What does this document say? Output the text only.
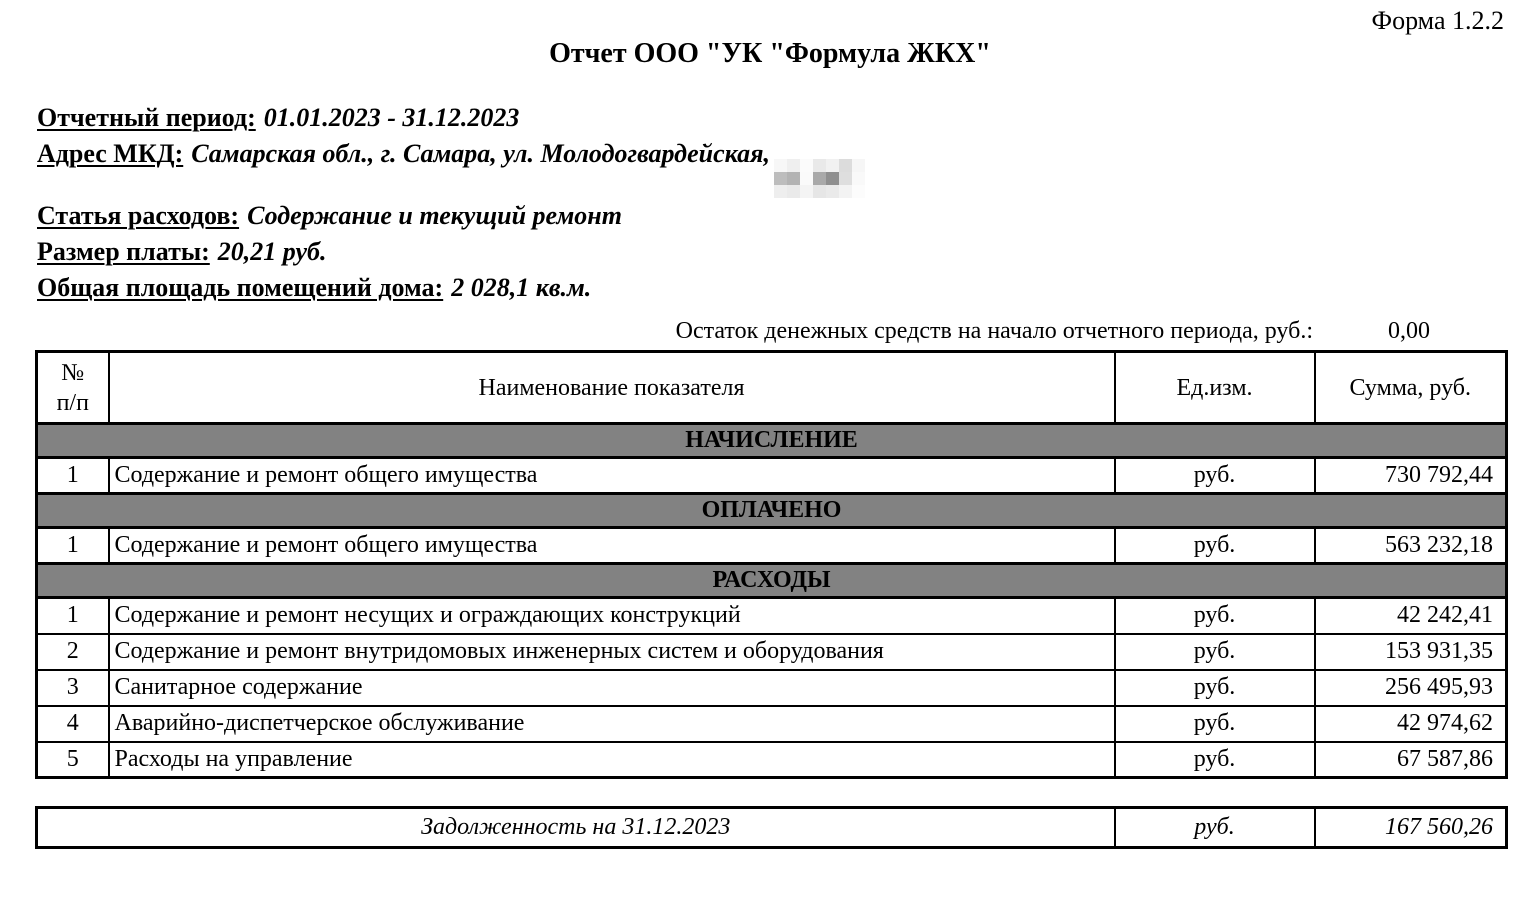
Форма 1.2.2
Отчет ООО "УК "Формула ЖКХ"
Отчетный период: 01.01.2023 - 31.12.2023
Адрес МКД: Самарская обл., г. Самара, ул. Молодогвардейская,
Статья расходов: Содержание и текущий ремонт
Размер платы: 20,21 руб.
Общая площадь помещений дома: 2 028,1 кв.м.
Остаток денежных средств на начало отчетного периода, руб.:	0,00
№
п/п	Наименование показателя	Ед.изм.	Сумма, руб.
НАЧИСЛЕНИЕ			
1	Содержание и ремонт общего имущества	руб.	730 792,44
ОПЛАЧЕНО			
1	Содержание и ремонт общего имущества	руб.	563 232,18
РАСХОДЫ			
1	Содержание и ремонт несущих и ограждающих конструкций	руб.	42 242,41
2	Содержание и ремонт внутридомовых инженерных систем и оборудования	руб.	153 931,35
3	Санитарное содержание	руб.	256 495,93
4	Аварийно-диспетчерское обслуживание	руб.	42 974,62
5	Расходы на управление	руб.	67 587,86
Задолженность на 31.12.2023	руб.	167 560,26
